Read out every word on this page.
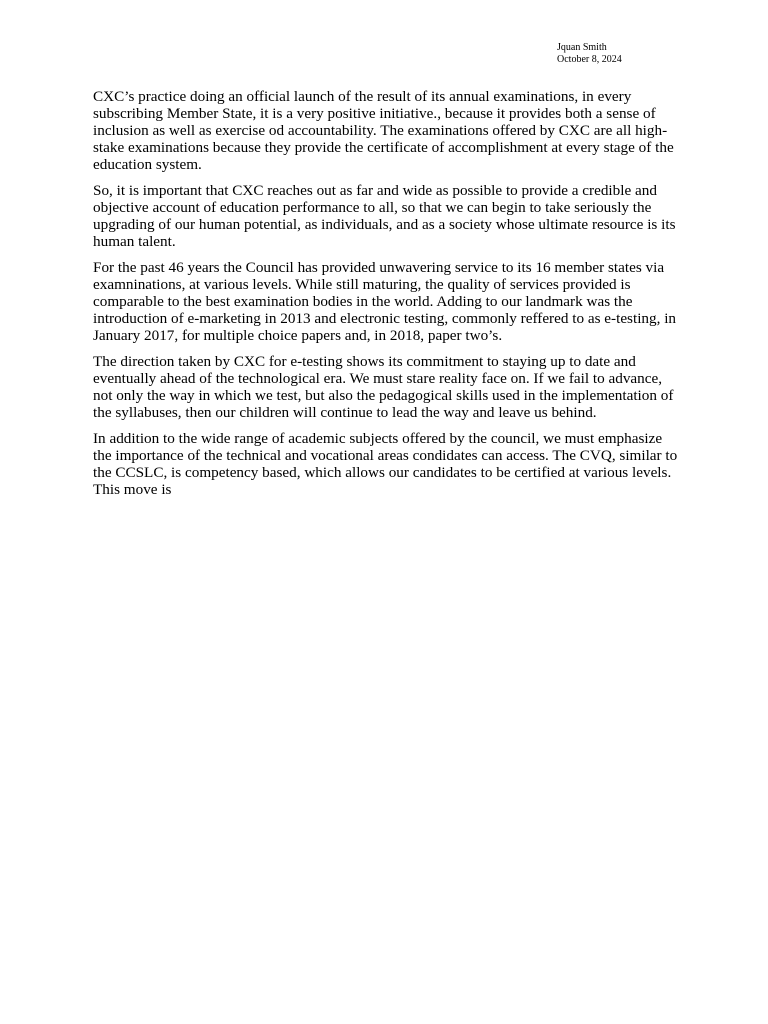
Jquan Smith
October 8, 2024

CXC’s practice doing an official launch of the result of its annual examinations, in every subscribing Member State, it is a very positive initiative., because it provides both a sense of inclusion as well as exercise od accountability. The examinations offered by CXC are all high-stake examinations because they provide the certificate of accomplishment at every stage of the education system.

So, it is important that CXC reaches out as far and wide as possible to provide a credible and objective account of education performance to all, so that we can begin to take seriously the upgrading of our human potential, as individuals, and as a society whose ultimate resource is its human talent.

For the past 46 years the Council has provided unwavering service to its 16 member states via examninations, at various levels. While still maturing, the quality of services provided is comparable to the best examination bodies in the world. Adding to our landmark was the introduction of e-marketing in 2013 and electronic testing, commonly reffered to as e-testing, in January 2017, for multiple choice papers and, in 2018, paper two’s.

The direction taken by CXC for e-testing shows its commitment to staying up to date and eventually ahead of the technological era. We must stare reality face on. If we fail to advance, not only the way in which we test, but also the pedagogical skills used in the implementation of the syllabuses, then our children will continue to lead the way and leave us behind.

In addition to the wide range of academic subjects offered by the council, we must emphasize the importance of the technical and vocational areas condidates can access. The CVQ, similar to the CCSLC, is competency based, which allows our candidates to be certified at various levels. This move is
